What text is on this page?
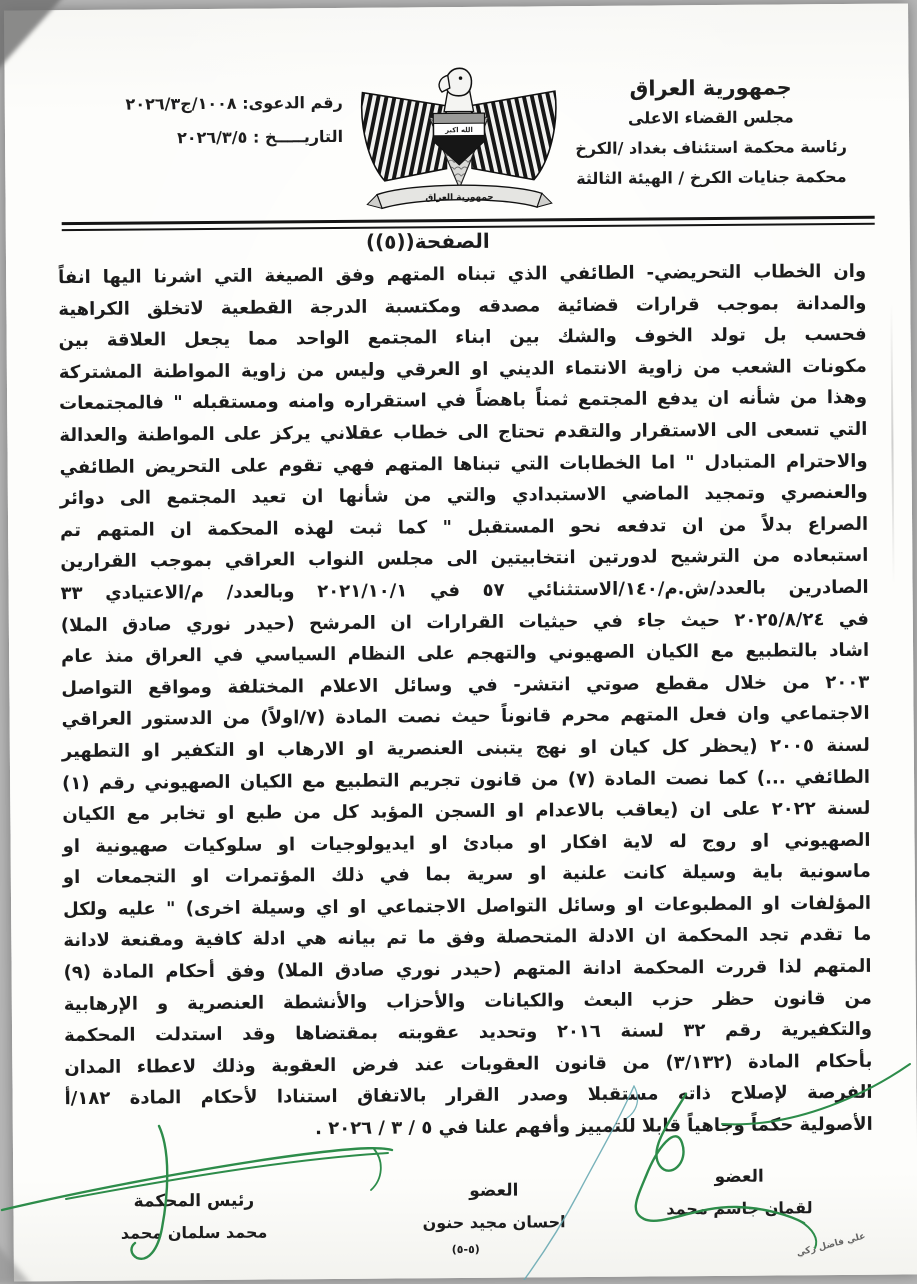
رقم الدعوى: ٢٠٢٦/٣ج/١٠٠٨
التاريـــــخ : ٢٠٢٦/٣/٥
جمهورية العراق
مجلس القضاء الاعلى
رئاسة محكمة استئناف بغداد /الكرخ
محكمة جنايات الكرخ / الهيئة الثالثة
الله اكبر
جمهورية العراق
الصفحة((٥))
وان الخطاب التحريضي- الطائفي الذي تبناه المتهم وفق الصيغة التي اشرنا اليها انفاً
والمدانة بموجب قرارات قضائية مصدقه ومكتسبة الدرجة القطعية لاتخلق الكراهية
فحسب بل تولد الخوف والشك بين ابناء المجتمع الواحد مما يجعل العلاقة بين
مكونات الشعب من زاوية الانتماء الديني او العرقي وليس من زاوية المواطنة المشتركة
وهذا من شأنه ان يدفع المجتمع ثمناً باهضاً في استقراره وامنه ومستقبله " فالمجتمعات
التي تسعى الى الاستقرار والتقدم تحتاج الى خطاب عقلاني يركز على المواطنة والعدالة
والاحترام المتبادل " اما الخطابات التي تبناها المتهم فهي تقوم على التحريض الطائفي
والعنصري وتمجيد الماضي الاستبدادي والتي من شأنها ان تعيد المجتمع الى دوائر
الصراع بدلاً من ان تدفعه نحو المستقبل " كما ثبت لهذه المحكمة ان المتهم تم
استبعاده من الترشيح لدورتين انتخابيتين الى مجلس النواب العراقي بموجب القرارين
الصادرين بالعدد/ش.م/١٤٠/الاستثنائي ٥٧ في ٢٠٢١/١٠/١ وبالعدد/ م/الاعتيادي ٣٣
في ٢٠٢٥/٨/٢٤ حيث جاء في حيثيات القرارات ان المرشح (حيدر نوري صادق الملا)
اشاد بالتطبيع مع الكيان الصهيوني والتهجم على النظام السياسي في العراق منذ عام
٢٠٠٣ من خلال مقطع صوتي انتشر- في وسائل الاعلام المختلفة ومواقع التواصل
الاجتماعي وان فعل المتهم محرم قانوناً حيث نصت المادة (٧/اولاً) من الدستور العراقي
لسنة ٢٠٠٥ (يحظر كل كيان او نهج يتبنى العنصرية او الارهاب او التكفير او التطهير
الطائفي ...) كما نصت المادة (٧) من قانون تجريم التطبيع مع الكيان الصهيوني رقم (١)
لسنة ٢٠٢٢ على ان (يعاقب بالاعدام او السجن المؤبد كل من طبع او تخابر مع الكيان
الصهيوني او روج له لاية افكار او مبادئ او ايديولوجيات او سلوكيات صهيونية او
ماسونية باية وسيلة كانت علنية او سرية بما في ذلك المؤتمرات او التجمعات او
المؤلفات او المطبوعات او وسائل التواصل الاجتماعي او اي وسيلة اخرى) " عليه ولكل
ما تقدم تجد المحكمة ان الادلة المتحصلة وفق ما تم بيانه هي ادلة كافية ومقنعة لادانة
المتهم لذا قررت المحكمة ادانة المتهم (حيدر نوري صادق الملا) وفق أحكام المادة (٩)
من قانون حظر حزب البعث والكيانات والأحزاب والأنشطة العنصرية و الإرهابية
والتكفيرية رقم ٣٢ لسنة ٢٠١٦ وتحديد عقوبته بمقتضاها وقد استدلت المحكمة
بأحكام المادة (٣/١٣٢) من قانون العقوبات عند فرض العقوبة وذلك لاعطاء المدان
الفرصة لإصلاح ذاته مستقبلا وصدر القرار بالاتفاق استنادا لأحكام المادة ١٨٢/أ
الأصولية حكماً وجاهياً قابلا للتمييز وأفهم علنا في ٥ / ٣ / ٢٠٢٦ .
العضو
لقمان جاسم محمد
العضو
احسان مجيد حنون
رئيس المحكمة
محمد سلمان محمد
(٥-٥)	علي فاضل زكي
